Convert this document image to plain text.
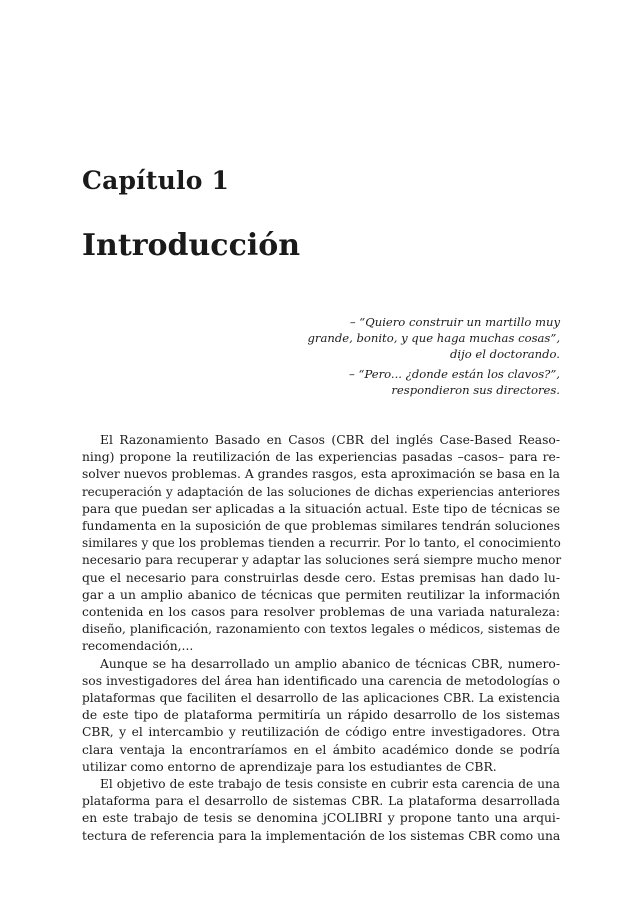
Capítulo 1
Introducción

– “Quiero construir un martillo muy

grande, bonito, y que haga muchas cosas”,

dijo el doctorando.

– “Pero... ¿donde están los clavos?”,

respondieron sus directores.

El Razonamiento Basado en Casos (CBR del inglés Case-Based Reaso-
ning) propone la reutilización de las experiencias pasadas –casos– para re-
solver nuevos problemas. A grandes rasgos, esta aproximación se basa en la
recuperación y adaptación de las soluciones de dichas experiencias anteriores
para que puedan ser aplicadas a la situación actual. Este tipo de técnicas se
fundamenta en la suposición de que problemas similares tendrán soluciones
similares y que los problemas tienden a recurrir. Por lo tanto, el conocimiento
necesario para recuperar y adaptar las soluciones será siempre mucho menor
que el necesario para construirlas desde cero. Estas premisas han dado lu-
gar a un amplio abanico de técnicas que permiten reutilizar la información
contenida en los casos para resolver problemas de una variada naturaleza:
diseño, planificación, razonamiento con textos legales o médicos, sistemas de
recomendación,...
Aunque se ha desarrollado un amplio abanico de técnicas CBR, numero-
sos investigadores del área han identificado una carencia de metodologías o
plataformas que faciliten el desarrollo de las aplicaciones CBR. La existencia
de este tipo de plataforma permitiría un rápido desarrollo de los sistemas
CBR, y el intercambio y reutilización de código entre investigadores. Otra
clara ventaja la encontraríamos en el ámbito académico donde se podría
utilizar como entorno de aprendizaje para los estudiantes de CBR.
El objetivo de este trabajo de tesis consiste en cubrir esta carencia de una
plataforma para el desarrollo de sistemas CBR. La plataforma desarrollada
en este trabajo de tesis se denomina jCOLIBRI y propone tanto una arqui-
tectura de referencia para la implementación de los sistemas CBR como una
